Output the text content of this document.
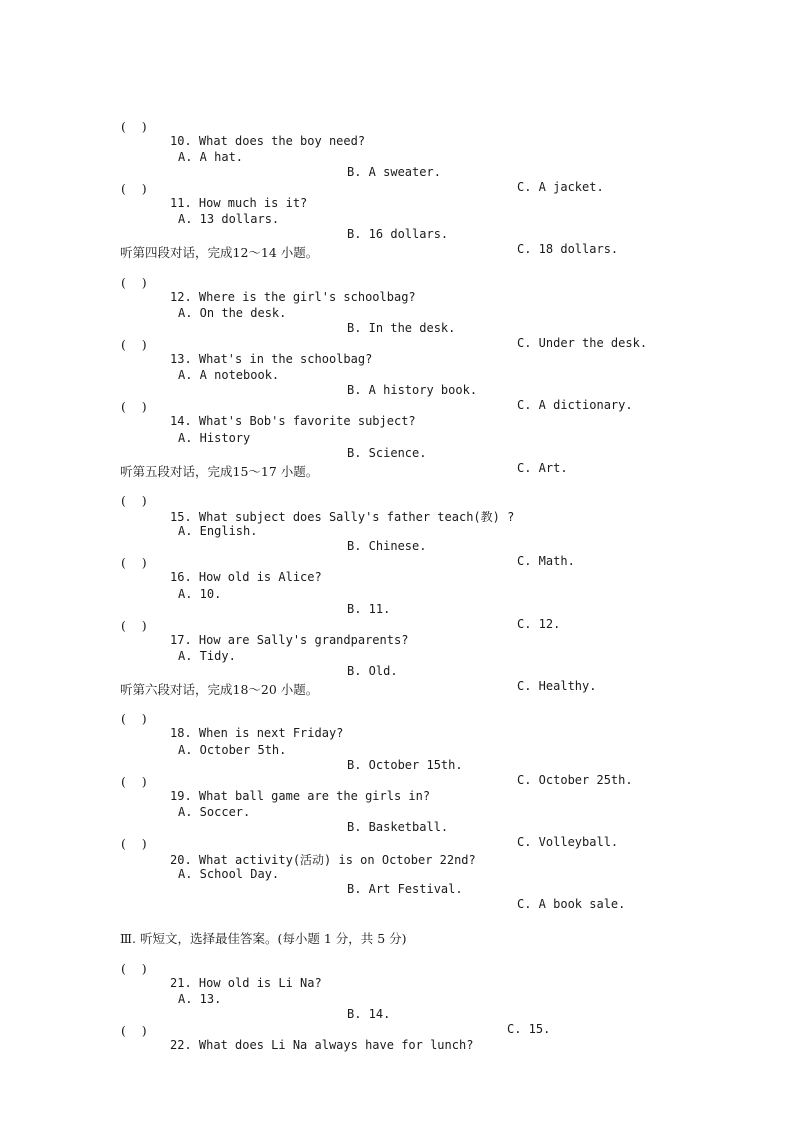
(    )

10. What does the boy need?

A. A hat.

B. A sweater.

C. A jacket.

(    )

11. How much is it?

A. 13 dollars.

B. 16 dollars.

C. 18 dollars.

听第四段对话，完成12～14 小题。

(    )

12. Where is the girl's schoolbag?

A. On the desk.

B. In the desk.

C. Under the desk.

(    )

13. What's in the schoolbag?

A. A notebook.

B. A history book.

C. A dictionary.

(    )

14. What's Bob's favorite subject?

A. History

B. Science.

C. Art.

听第五段对话，完成15～17 小题。

(    )

15. What subject does Sally's father teach(教) ?

A. English.

B. Chinese.

C. Math.

(    )

16. How old is Alice?

A. 10.

B. 11.

C. 12.

(    )

17. How are Sally's grandparents?

A. Tidy.

B. Old.

C. Healthy.

听第六段对话，完成18～20 小题。

(    )

18. When is next Friday?

A. October 5th.

B. October 15th.

C. October 25th.

(    )

19. What ball game are the girls in?

A. Soccer.

B. Basketball.

C. Volleyball.

(    )

20. What activity(活动) is on October 22nd?

A. School Day.

B. Art Festival.

C. A book sale.

Ⅲ. 听短文，选择最佳答案。(每小题 1 分，共 5 分)

(    )

21. How old is Li Na?

A. 13.

B. 14.

C. 15.

(    )

22. What does Li Na always have for lunch?
